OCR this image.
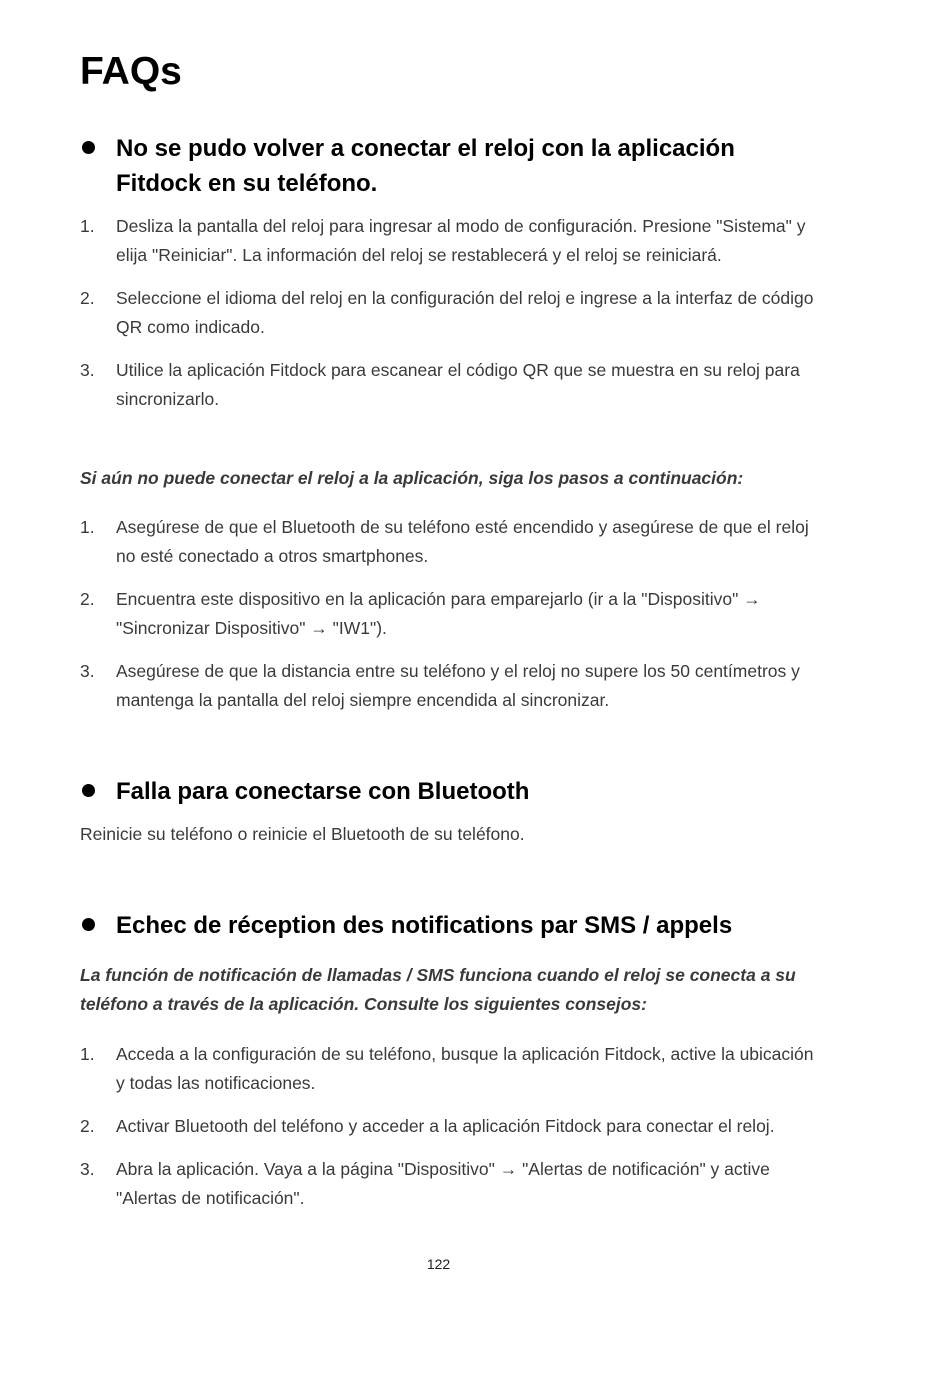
FAQs
No se pudo volver a conectar el reloj con la aplicación Fitdock en su teléfono.
1. Desliza la pantalla del reloj para ingresar al modo de configuración. Presione "Sistema" y elija "Reiniciar". La información del reloj se restablecerá y el reloj se reiniciará.
2. Seleccione el idioma del reloj en la configuración del reloj e ingrese a la interfaz de código QR como indicado.
3. Utilice la aplicación Fitdock para escanear el código QR que se muestra en su reloj para sincronizarlo.
Si aún no puede conectar el reloj a la aplicación, siga los pasos a continuación:
1. Asegúrese de que el Bluetooth de su teléfono esté encendido y asegúrese de que el reloj no esté conectado a otros smartphones.
2. Encuentra este dispositivo en la aplicación para emparejarlo (ir a la "Dispositivo" → "Sincronizar Dispositivo" → "IW1").
3. Asegúrese de que la distancia entre su teléfono y el reloj no supere los 50 centímetros y mantenga la pantalla del reloj siempre encendida al sincronizar.
Falla para conectarse con Bluetooth
Reinicie su teléfono o reinicie el Bluetooth de su teléfono.
Echec de réception des notifications par SMS / appels
La función de notificación de llamadas / SMS funciona cuando el reloj se conecta a su teléfono a través de la aplicación. Consulte los siguientes consejos:
1. Acceda a la configuración de su teléfono, busque la aplicación Fitdock, active la ubicación y todas las notificaciones.
2. Activar Bluetooth del teléfono y acceder a la aplicación Fitdock para conectar el reloj.
3. Abra la aplicación. Vaya a la página "Dispositivo" → "Alertas de notificación" y active "Alertas de notificación".
122
